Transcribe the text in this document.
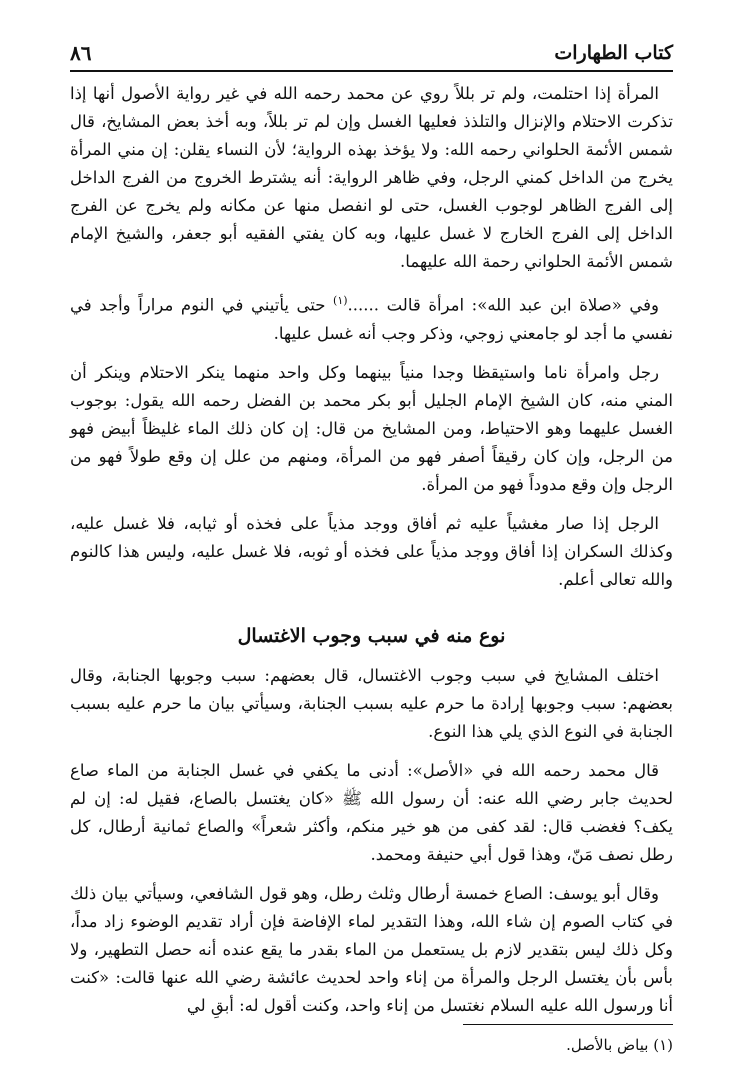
كتاب الطهارات
٨٦

المرأة إذا احتلمت، ولم تر بللاً روي عن محمد رحمه الله في غير رواية الأصول أنها إذا تذكرت الاحتلام والإنزال والتلذذ فعليها الغسل وإن لم تر بللاً، وبه أخذ بعض المشايخ، قال شمس الأئمة الحلواني رحمه الله: ولا يؤخذ بهذه الرواية؛ لأن النساء يقلن: إن مني المرأة يخرج من الداخل كمني الرجل، وفي ظاهر الرواية: أنه يشترط الخروج من الفرج الداخل إلى الفرج الظاهر لوجوب الغسل، حتى لو انفصل منها عن مكانه ولم يخرج عن الفرج الداخل إلى الفرج الخارج لا غسل عليها، وبه كان يفتي الفقيه أبو جعفر، والشيخ الإمام شمس الأئمة الحلواني رحمة الله عليهما.

وفي «صلاة ابن عبد الله»: امرأة قالت ......$^{(١)}$ حتى يأتيني في النوم مراراً وأجد في نفسي ما أجد لو جامعني زوجي، وذكر وجب أنه غسل عليها.

رجل وامرأة ناما واستيقظا وجدا منياً بينهما وكل واحد منهما ينكر الاحتلام وينكر أن المني منه، كان الشيخ الإمام الجليل أبو بكر محمد بن الفضل رحمه الله يقول: بوجوب الغسل عليهما وهو الاحتياط، ومن المشايخ من قال: إن كان ذلك الماء غليظاً أبيض فهو من الرجل، وإن كان رقيقاً أصفر فهو من المرأة، ومنهم من علل إن وقع طولاً فهو من الرجل وإن وقع مدوداً فهو من المرأة.

الرجل إذا صار مغشياً عليه ثم أفاق ووجد مذياً على فخذه أو ثيابه، فلا غسل عليه، وكذلك السكران إذا أفاق ووجد مذياً على فخذه أو ثوبه، فلا غسل عليه، وليس هذا كالنوم والله تعالى أعلم.

نوع منه في سبب وجوب الاغتسال

اختلف المشايخ في سبب وجوب الاغتسال، قال بعضهم: سبب وجوبها الجنابة، وقال بعضهم: سبب وجوبها إرادة ما حرم عليه بسبب الجنابة، وسيأتي بيان ما حرم عليه بسبب الجنابة في النوع الذي يلي هذا النوع.

قال محمد رحمه الله في «الأصل»: أدنى ما يكفي في غسل الجنابة من الماء صاع لحديث جابر رضي الله عنه: أن رسول الله ﷺ «كان يغتسل بالصاع، فقيل له: إن لم يكف؟ فغضب قال: لقد كفى من هو خير منكم، وأكثر شعراً» والصاع ثمانية أرطال، كل رطل نصف مَنّ، وهذا قول أبي حنيفة ومحمد.

وقال أبو يوسف: الصاع خمسة أرطال وثلث رطل، وهو قول الشافعي، وسيأتي بيان ذلك في كتاب الصوم إن شاء الله، وهذا التقدير لماء الإفاضة فإن أراد تقديم الوضوء زاد مداً، وكل ذلك ليس بتقدير لازم بل يستعمل من الماء بقدر ما يقع عنده أنه حصل التطهير، ولا بأس بأن يغتسل الرجل والمرأة من إناء واحد لحديث عائشة رضي الله عنها قالت: «كنت أنا ورسول الله عليه السلام نغتسل من إناء واحد، وكنت أقول له: أبقِ لي

(١) بياض بالأصل.
